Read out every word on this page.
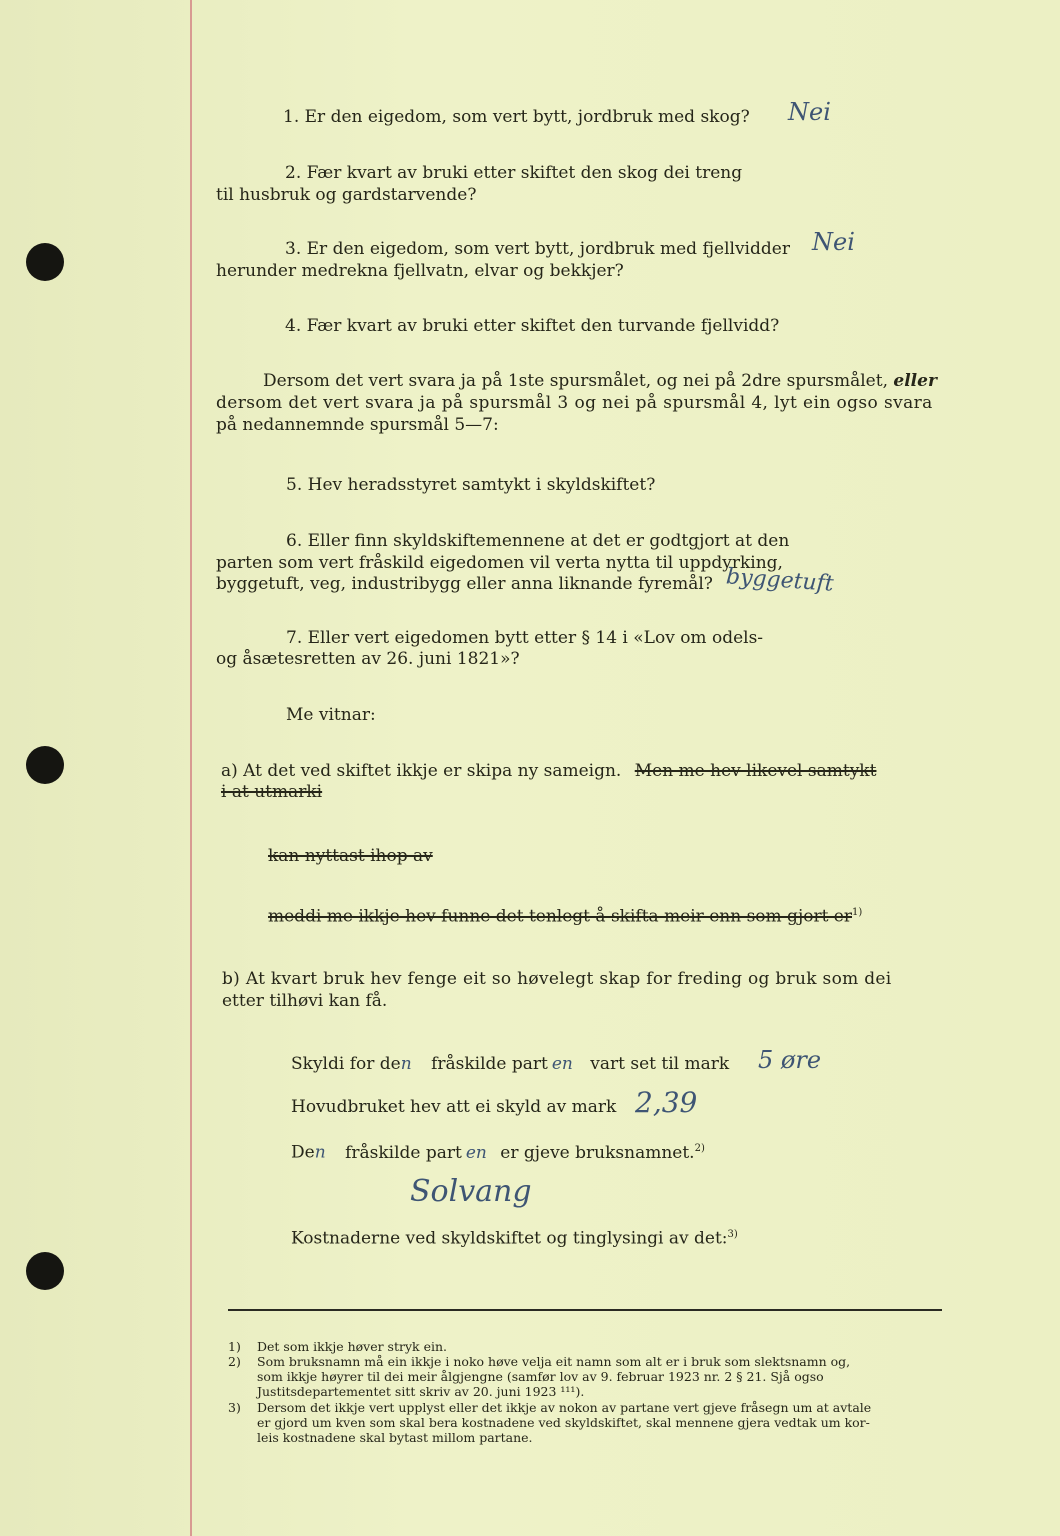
1. Er den eigedom, som vert bytt, jordbruk med skog? Nei
2. Fær kvart av bruki etter skiftet den skog dei treng
til husbruk og gardstarvende?
3. Er den eigedom, som vert bytt, jordbruk med fjellvidder Nei
herunder medrekna fjellvatn, elvar og bekkjer?
4. Fær kvart av bruki etter skiftet den turvande fjellvidd?
Dersom det vert svara ja på 1ste spursmålet, og nei på 2dre spursmålet, eller
dersom det vert svara ja på spursmål 3 og nei på spursmål 4, lyt ein ogso svara
på nedannemnde spursmål 5—7:
5. Hev heradsstyret samtykt i skyldskiftet?
6. Eller finn skyldskiftemennene at det er godtgjort at den
parten som vert fråskild eigedomen vil verta nytta til uppdyrking,
byggetuft, veg, industribygg eller anna liknande fyremål? byggetuft
7. Eller vert eigedomen bytt etter § 14 i «Lov om odels-
og åsætesretten av 26. juni 1821»?
Me vitnar:
a) At det ved skiftet ikkje er skipa ny sameign. Men me hev likevel samtykt
i at utmarki
kan nyttast ihop av
meddi me ikkje hev funne det tenlegt å skifta meir enn som gjort $er^{1)}$
b) At kvart bruk hev fenge eit so høvelegt skap for freding og bruk som dei
etter tilhøvi kan få.
Skyldi for den fråskilde part en vart set til mark 5 øre
Hovudbruket hev att ei skyld av mark 2,39
Den fråskilde part en er gjeve bruksnamnet.$^{2)}$
Solvang
Kostnaderne ved skyldskiftet og tinglysingi av det:$^{3)}$
1) Det som ikkje høver stryk ein.
2) Som bruksnamn må ein ikkje i noko høve velja eit namn som alt er i bruk som slektsnamn og,
som ikkje høyrer til dei meir ålgjengne (samfør lov av 9. februar 1923 nr. 2 § 21. Sjå ogso
Justitsdepartementet sitt skriv av 20. juni 1923 ¹¹¹).
3) Dersom det ikkje vert upplyst eller det ikkje av nokon av partane vert gjeve fråsegn um at avtale
er gjord um kven som skal bera kostnadene ved skyldskiftet, skal mennene gjera vedtak um kor-
leis kostnadene skal bytast millom partane.
